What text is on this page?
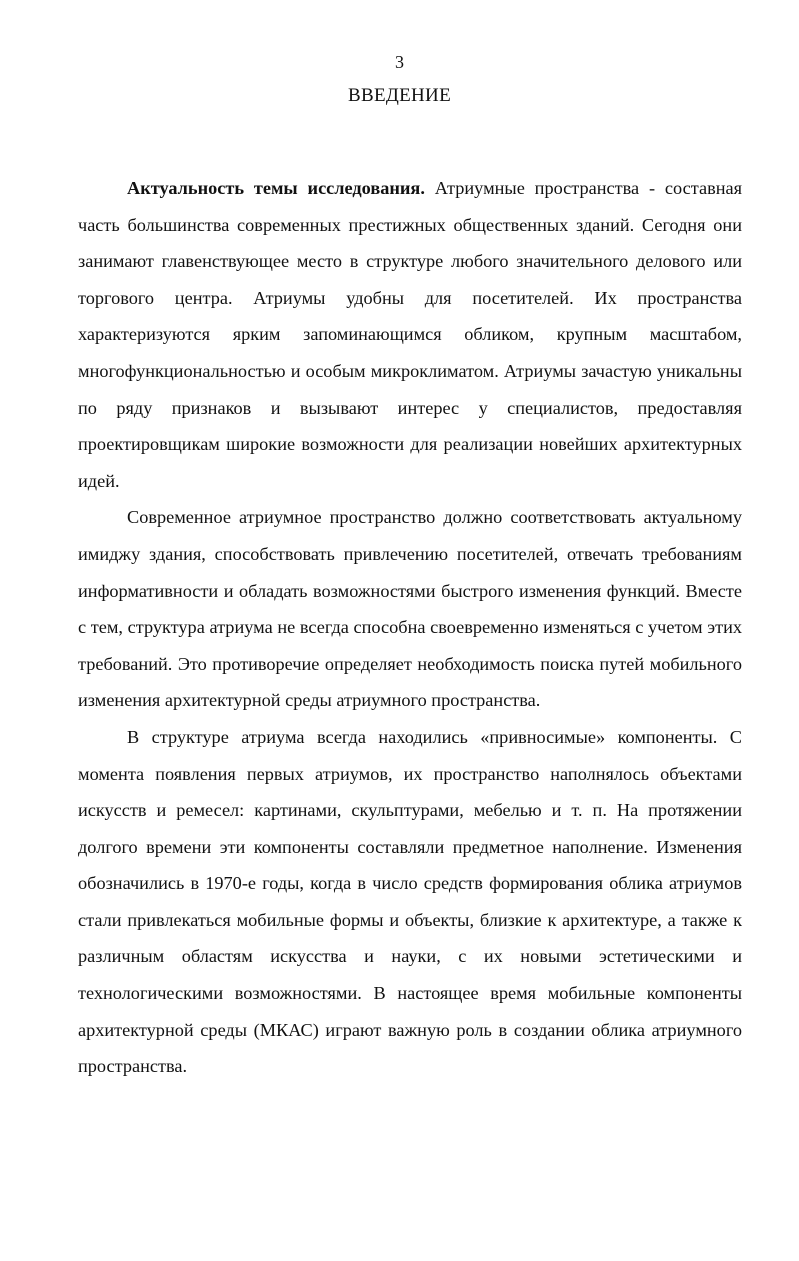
3
ВВЕДЕНИЕ

Актуальность темы исследования. Атриумные пространства - составная часть большинства современных престижных общественных зданий. Сегодня они занимают главенствующее место в структуре любого значительного делового или торгового центра. Атриумы удобны для посетителей. Их пространства характеризуются ярким запоминающимся обликом, крупным масштабом, многофункциональностью и особым микроклиматом. Атриумы зачастую уникальны по ряду признаков и вызывают интерес у специалистов, предоставляя проектировщикам широкие возможности для реализации новейших архитектурных идей.

Современное атриумное пространство должно соответствовать актуальному имиджу здания, способствовать привлечению посетителей, отвечать требованиям информативности и обладать возможностями быстрого изменения функций. Вместе с тем, структура атриума не всегда способна своевременно изменяться с учетом этих требований. Это противоречие определяет необходимость поиска путей мобильного изменения архитектурной среды атриумного пространства.

В структуре атриума всегда находились «привносимые» компоненты. С момента появления первых атриумов, их пространство наполнялось объектами искусств и ремесел: картинами, скульптурами, мебелью и т. п. На протяжении долгого времени эти компоненты составляли предметное наполнение. Изменения обозначились в 1970-е годы, когда в число средств формирования облика атриумов стали привлекаться мобильные формы и объекты, близкие к архитектуре, а также к различным областям искусства и науки, с их новыми эстетическими и технологическими возможностями. В настоящее время мобильные компоненты архитектурной среды (МКАС) играют важную роль в создании облика атриумного пространства.
